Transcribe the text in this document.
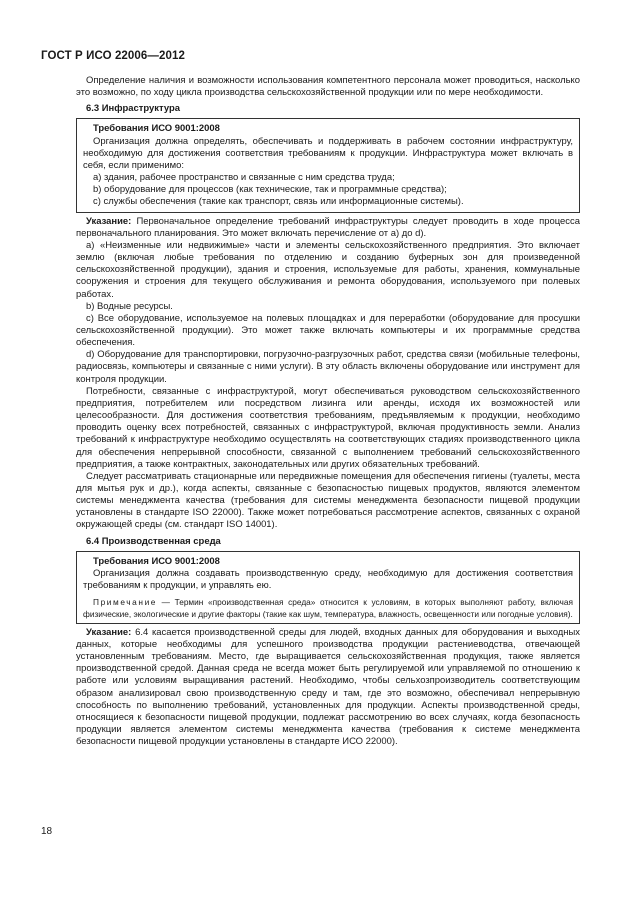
ГОСТ Р ИСО 22006—2012

Определение наличия и возможности использования компетентного персонала может проводиться, насколько это возможно, по ходу цикла производства сельскохозяйственной продукции или по мере необходимости.

6.3 Инфраструктура
Требования ИСО 9001:2008

Организация должна определять, обеспечивать и поддерживать в рабочем состоянии инфраструктуру, необходимую для достижения соответствия требованиям к продукции. Инфраструктура может включать в себя, если применимо:

a) здания, рабочее пространство и связанные с ним средства труда;
b) оборудование для процессов (как технические, так и программные средства);
c) службы обеспечения (такие как транспорт, связь или информационные системы).

Указание: Первоначальное определение требований инфраструктуры следует проводить в ходе процесса первоначального планирования. Это может включать перечисление от a) до d).

a) «Неизменные или недвижимые» части и элементы сельскохозяйственного предприятия. Это включает землю (включая любые требования по отделению и созданию буферных зон для произведенной сельскохозяйственной продукции), здания и строения, используемые для работы, хранения, коммунальные сооружения и строения для текущего обслуживания и ремонта оборудования, используемого при полевых работах.

b) Водные ресурсы.

c) Все оборудование, используемое на полевых площадках и для переработки (оборудование для просушки сельскохозяйственной продукции). Это может также включать компьютеры и их программные средства обеспечения.

d) Оборудование для транспортировки, погрузочно-разгрузочных работ, средства связи (мобильные телефоны, радиосвязь, компьютеры и связанные с ними услуги). В эту область включены оборудование или инструмент для контроля продукции.

Потребности, связанные с инфраструктурой, могут обеспечиваться руководством сельскохозяйственного предприятия, потребителем или посредством лизинга или аренды, исходя их возможностей или целесообразности. Для достижения соответствия требованиям, предъявляемым к продукции, необходимо проводить оценку всех потребностей, связанных с инфраструктурой, включая продуктивность земли. Анализ требований к инфраструктуре необходимо осуществлять на соответствующих стадиях производственного цикла для обеспечения непрерывной способности, связанной с выполнением требований сельскохозяйственного предприятия, а также контрактных, законодательных или других обязательных требований.

Следует рассматривать стационарные или передвижные помещения для обеспечения гигиены (туалеты, места для мытья рук и др.), когда аспекты, связанные с безопасностью пищевых продуктов, являются элементом системы менеджмента качества (требования для системы менеджмента безопасности пищевой продукции установлены в стандарте ISO 22000). Также может потребоваться рассмотрение аспектов, связанных с охраной окружающей среды (см. стандарт ISO 14001).

6.4 Производственная среда
Требования ИСО 9001:2008

Организация должна создавать производственную среду, необходимую для достижения соответствия требованиям к продукции, и управлять ею.

Примечание — Термин «производственная среда» относится к условиям, в которых выполняют работу, включая физические, экологические и другие факторы (такие как шум, температура, влажность, освещенности или погодные условия).

Указание: 6.4 касается производственной среды для людей, входных данных для оборудования и выходных данных, которые необходимы для успешного производства продукции растениеводства, отвечающей установленным требованиям. Место, где выращивается сельскохозяйственная продукция, также является производственной средой. Данная среда не всегда может быть регулируемой или управляемой по отношению к работе или условиям выращивания растений. Необходимо, чтобы сельхозпроизводитель соответствующим образом анализировал свою производственную среду и там, где это возможно, обеспечивал непрерывную способность по выполнению требований, установленных для продукции. Аспекты производственной среды, относящиеся к безопасности пищевой продукции, подлежат рассмотрению во всех случаях, когда безопасность продукции является элементом системы менеджмента качества (требования к системе менеджмента безопасности пищевой продукции установлены в стандарте ИСО 22000).

18
